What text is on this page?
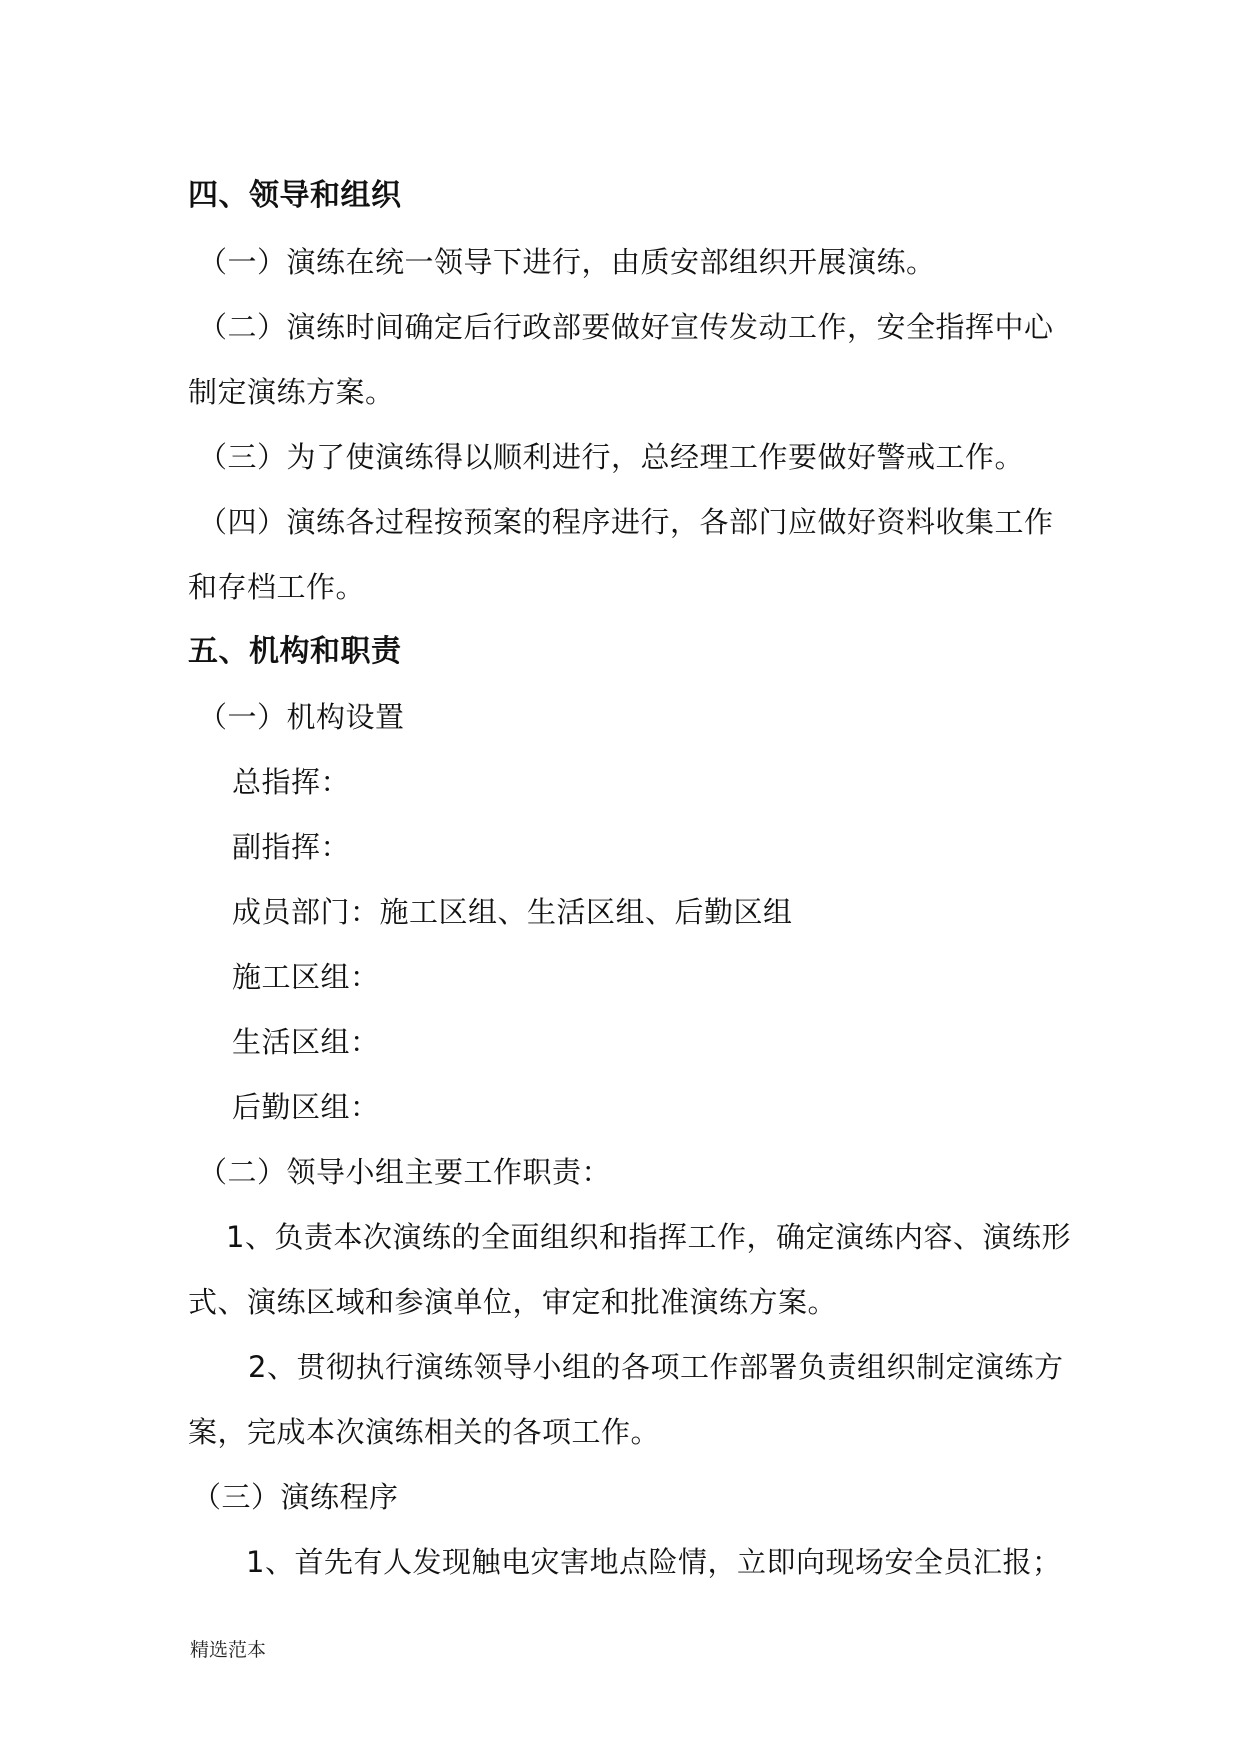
四、领导和组织
（一）演练在统一领导下进行，由质安部组织开展演练。
（二）演练时间确定后行政部要做好宣传发动工作，安全指挥中心
制定演练方案。
（三）为了使演练得以顺利进行，总经理工作要做好警戒工作。
（四）演练各过程按预案的程序进行，各部门应做好资料收集工作
和存档工作。
五、机构和职责
（一）机构设置
总指挥：
副指挥：
成员部门：施工区组、生活区组、后勤区组
施工区组：
生活区组：
后勤区组：
（二）领导小组主要工作职责：
1、负责本次演练的全面组织和指挥工作，确定演练内容、演练形
式、演练区域和参演单位，审定和批准演练方案。
2、贯彻执行演练领导小组的各项工作部署负责组织制定演练方
案，完成本次演练相关的各项工作。
（三）演练程序
1、首先有人发现触电灾害地点险情，立即向现场安全员汇报；
精选范本
